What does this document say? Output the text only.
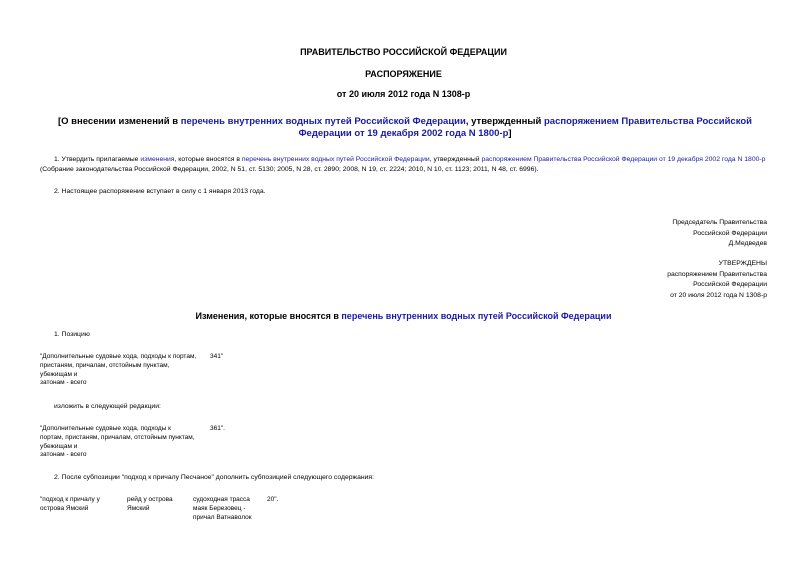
ПРАВИТЕЛЬСТВО РОССИЙСКОЙ ФЕДЕРАЦИИ
РАСПОРЯЖЕНИЕ
от 20 июля 2012 года N 1308-р
[О внесении изменений в перечень внутренних водных путей Российской Федерации, утвержденный распоряжением Правительства Российской Федерации от 19 декабря 2002 года N 1800-р]
1. Утвердить прилагаемые изменения, которые вносятся в перечень внутренних водных путей Российской Федерации, утвержденный распоряжением Правительства Российской Федерации от 19 декабря 2002 года N 1800-р (Собрание законодательства Российской Федерации, 2002, N 51, ст. 5130; 2005, N 28, ст. 2890; 2008, N 19, ст. 2224; 2010, N 10, ст. 1123; 2011, N 48, ст. 6996).
2. Настоящее распоряжение вступает в силу с 1 января 2013 года.
Председатель Правительства
Российской Федерации
Д.Медведев
УТВЕРЖДЕНЫ
распоряжением Правительства
Российской Федерации
от 20 июля 2012 года N 1308-р
Изменения, которые вносятся в перечень внутренних водных путей Российской Федерации
1. Позицию
"Дополнительные судовые хода, подходы к портам,
пристаням, причалам, отстойным пунктам,
убежищам и
затонам - всего
341"
изложить в следующей редакции:
"Дополнительные судовые хода, подходы к
портам, пристаням, причалам, отстойным пунктам,
убежищам и
затонам - всего
361".
2. После субпозиции "подход к причалу Песчаное" дополнить субпозицией следующего содержания:
"подход к причалу у
острова Ямский
рейд у острова
Ямский
судоходная трасса
маяк Березовец -
причал Ватнаволок
20".
